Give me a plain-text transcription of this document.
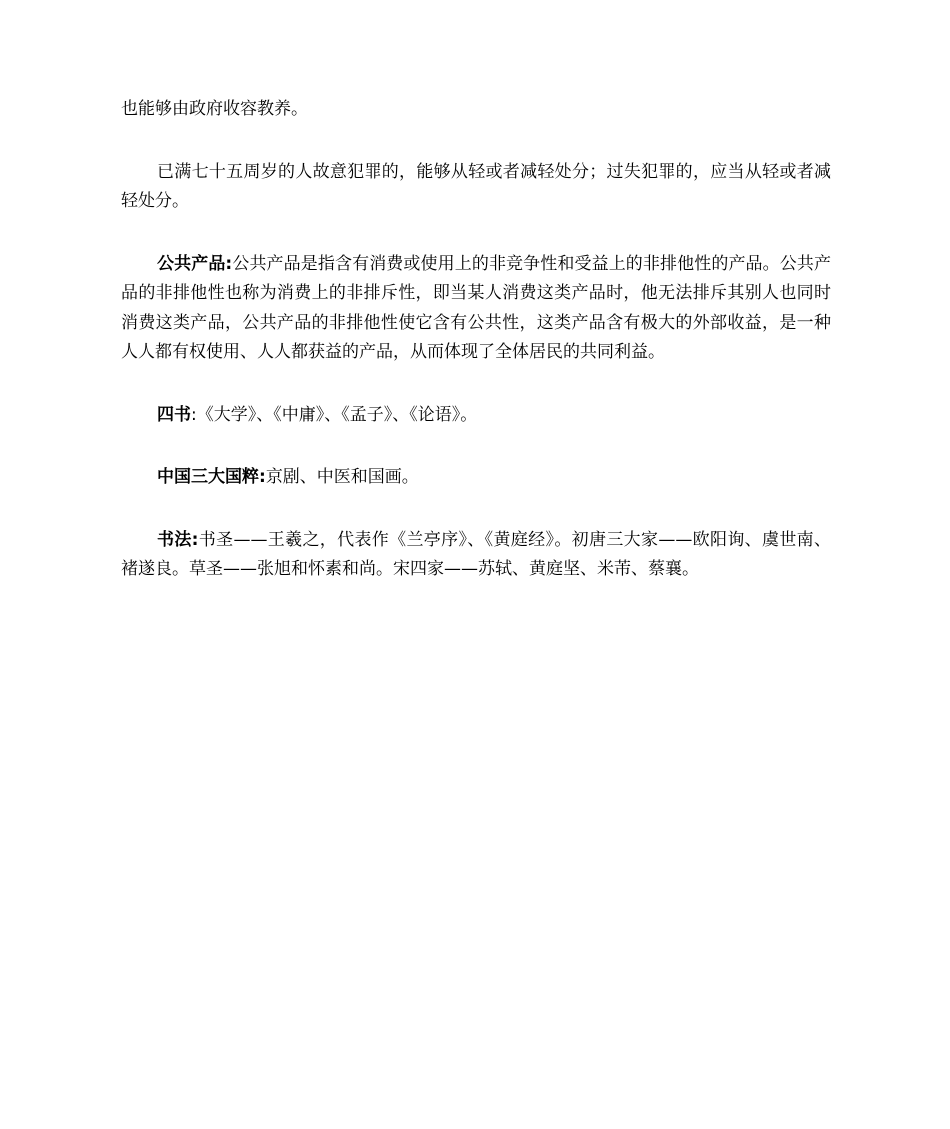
也能够由政府收容教养。

已满七十五周岁的人故意犯罪的，能够从轻或者减轻处分；过失犯罪的，应当从轻或者减轻处分。

公共产品:公共产品是指含有消费或使用上的非竞争性和受益上的非排他性的产品。公共产品的非排他性也称为消费上的非排斥性，即当某人消费这类产品时，他无法排斥其别人也同时消费这类产品，公共产品的非排他性使它含有公共性，这类产品含有极大的外部收益，是一种人人都有权使用、人人都获益的产品，从而体现了全体居民的共同利益。

四书:《大学》、《中庸》、《孟子》、《论语》。

中国三大国粹:京剧、中医和国画。

书法:书圣——王羲之，代表作《兰亭序》、《黄庭经》。初唐三大家——欧阳询、虞世南、褚遂良。草圣——张旭和怀素和尚。宋四家——苏轼、黄庭坚、米芾、蔡襄。
